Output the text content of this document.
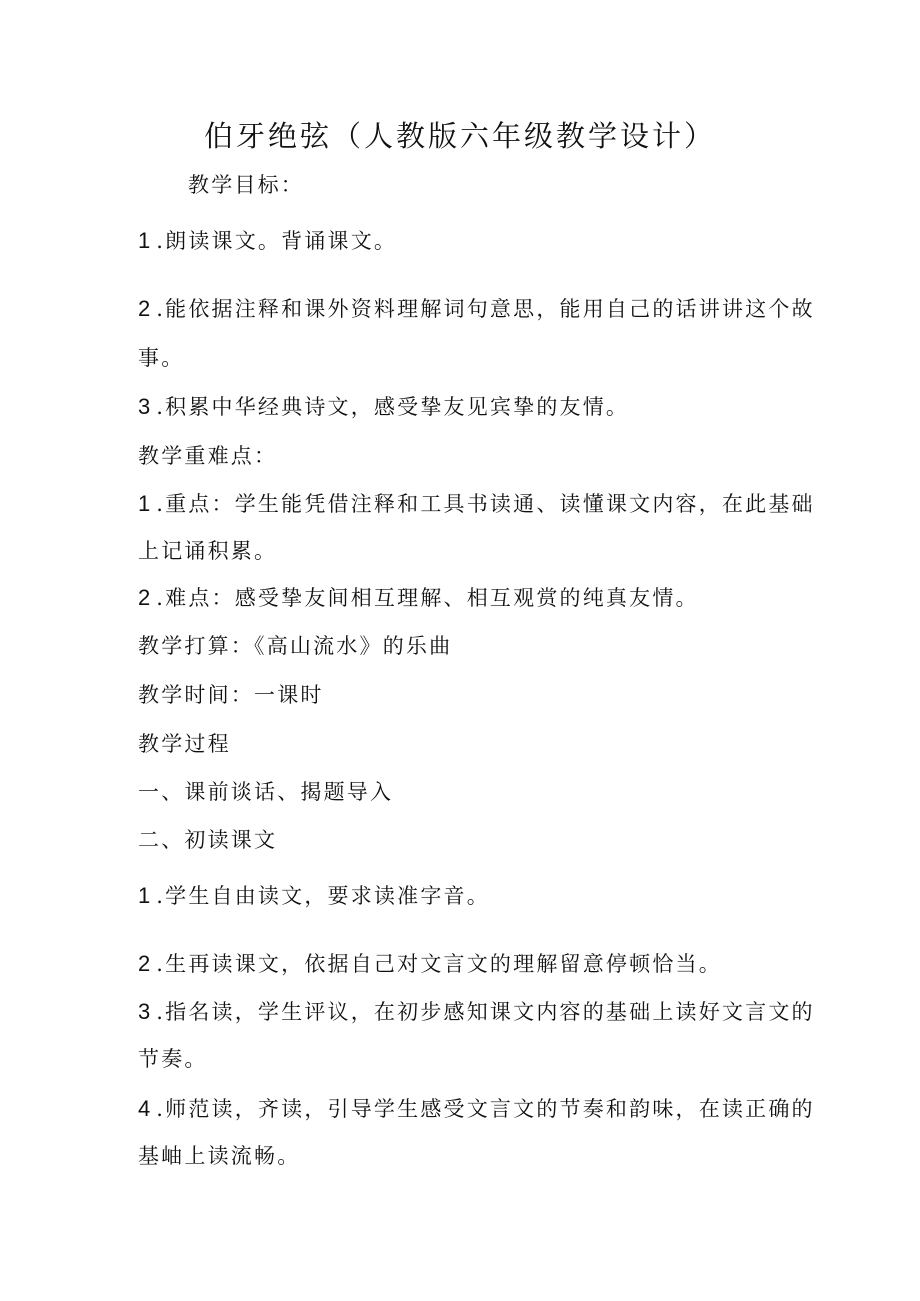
伯牙绝弦（人教版六年级教学设计）
教学目标：
1 .朗读课文。背诵课文。
2 .能依据注释和课外资料理解词句意思，能用自己的话讲讲这个故
事。
3 .积累中华经典诗文，感受挚友见宾挚的友情。
教学重难点：
1 .重点：学生能凭借注释和工具书读通、读懂课文内容，在此基础
上记诵积累。
2 .难点：感受挚友间相互理解、相互观赏的纯真友情。
教学打算：《高山流水》的乐曲
教学时间：一课时
教学过程
一、课前谈话、揭题导入
二、初读课文
1 .学生自由读文，要求读准字音。
2 .生再读课文，依据自己对文言文的理解留意停顿恰当。
3 .指名读，学生评议，在初步感知课文内容的基础上读好文言文的
节奏。
4 .师范读，齐读，引导学生感受文言文的节奏和韵味，在读正确的
基岫上读流畅。
